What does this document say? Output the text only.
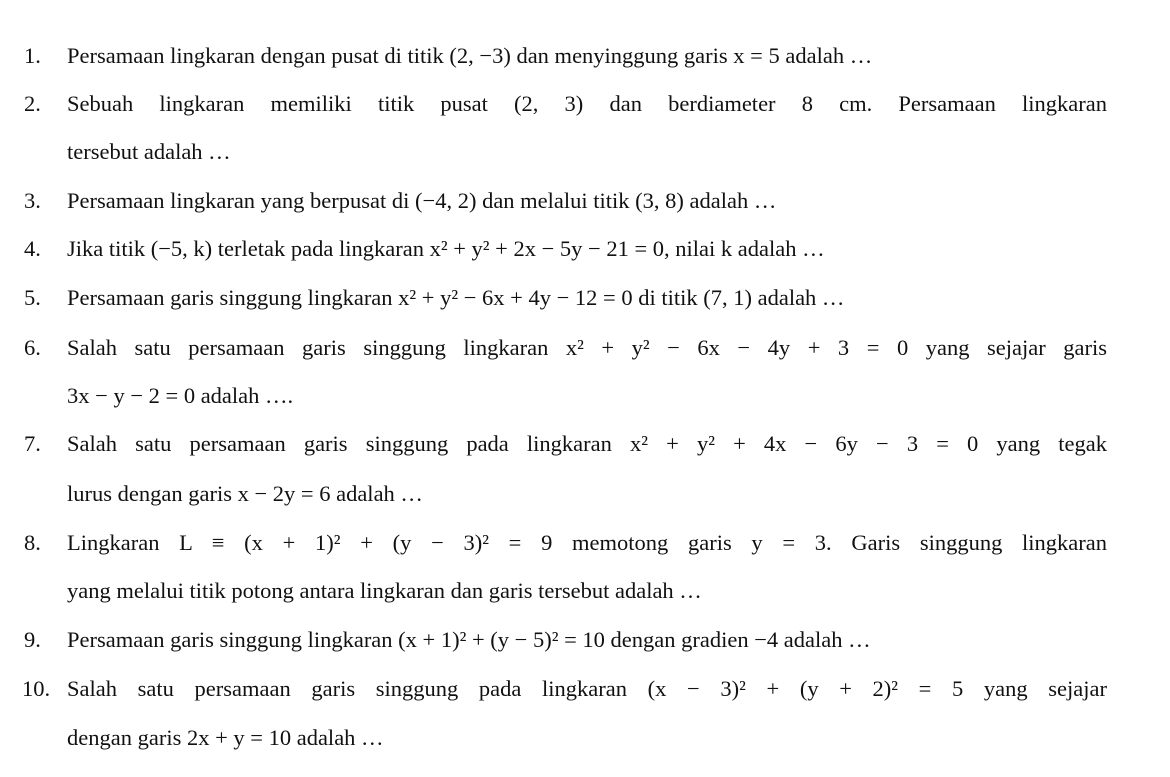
1. Persamaan lingkaran dengan pusat di titik (2, −3) dan menyinggung garis x = 5 adalah …
2. Sebuah lingkaran memiliki titik pusat (2, 3) dan berdiameter 8 cm. Persamaan lingkaran
tersebut adalah …
3. Persamaan lingkaran yang berpusat di (−4, 2) dan melalui titik (3, 8) adalah …
4. Jika titik (−5, k) terletak pada lingkaran x² + y² + 2x − 5y − 21 = 0, nilai k adalah …
5. Persamaan garis singgung lingkaran x² + y² − 6x + 4y − 12 = 0 di titik (7, 1) adalah …
6. Salah satu persamaan garis singgung lingkaran x² + y² − 6x − 4y + 3 = 0 yang sejajar garis
3x − y − 2 = 0 adalah ….
7. Salah satu persamaan garis singgung pada lingkaran x² + y² + 4x − 6y − 3 = 0 yang tegak
lurus dengan garis x − 2y = 6 adalah …
8. Lingkaran L ≡ (x + 1)² + (y − 3)² = 9 memotong garis y = 3. Garis singgung lingkaran
yang melalui titik potong antara lingkaran dan garis tersebut adalah …
9. Persamaan garis singgung lingkaran (x + 1)² + (y − 5)² = 10 dengan gradien −4 adalah …
10. Salah satu persamaan garis singgung pada lingkaran (x − 3)² + (y + 2)² = 5 yang sejajar
dengan garis 2x + y = 10 adalah …
